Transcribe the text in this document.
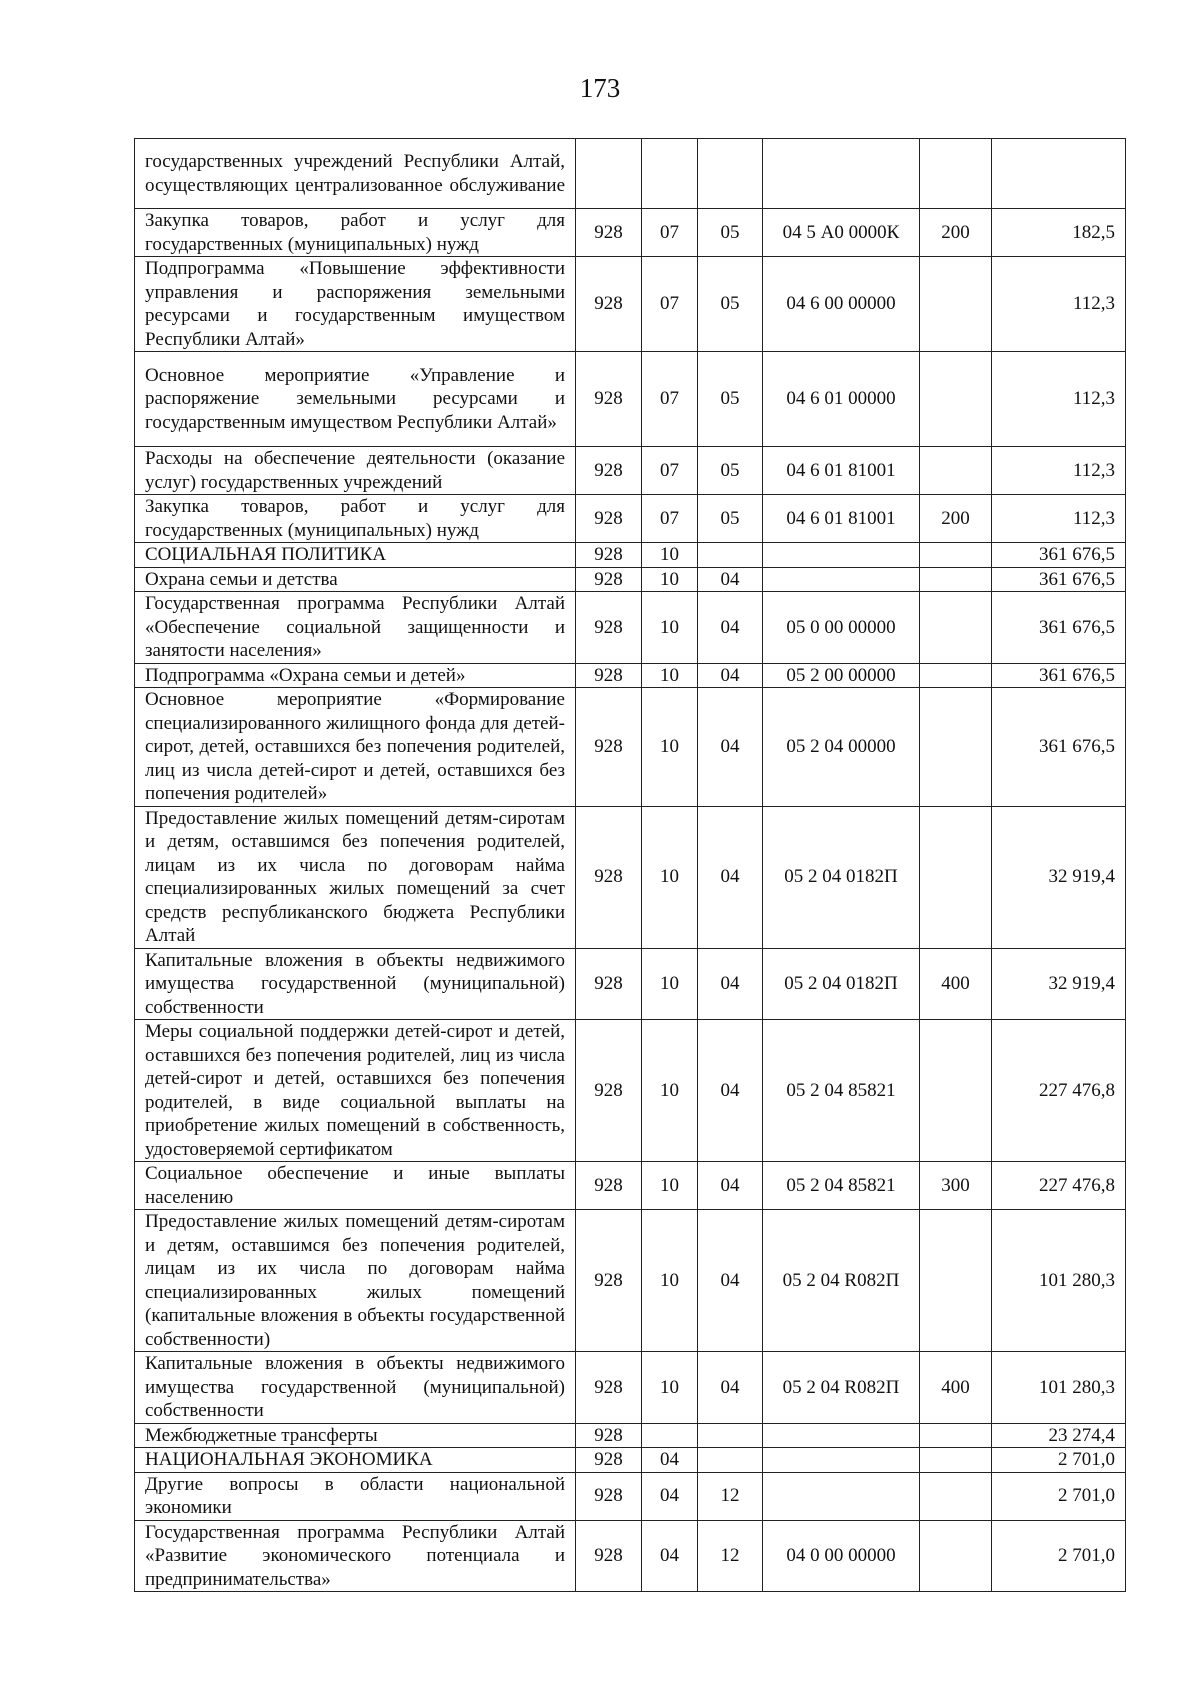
173
государственных учреждений Республики Алтай, осуществляющих централизованное обслуживание						
Закупка товаров, работ и услуг для государственных (муниципальных) нужд	928	07	05	04 5 А0 0000К	200	182,5
Подпрограмма «Повышение эффективности управления и распоряжения земельными ресурсами и государственным имуществом Республики Алтай»	928	07	05	04 6 00 00000		112,3
Основное мероприятие «Управление и распоряжение земельными ресурсами и государственным имуществом Республики Алтай»	928	07	05	04 6 01 00000		112,3
Расходы на обеспечение деятельности (оказание услуг) государственных учреждений	928	07	05	04 6 01 81001		112,3
Закупка товаров, работ и услуг для государственных (муниципальных) нужд	928	07	05	04 6 01 81001	200	112,3
СОЦИАЛЬНАЯ ПОЛИТИКА	928	10				361 676,5
Охрана семьи и детства	928	10	04			361 676,5
Государственная программа Республики Алтай «Обеспечение социальной защищенности и занятости населения»	928	10	04	05 0 00 00000		361 676,5
Подпрограмма «Охрана семьи и детей»	928	10	04	05 2 00 00000		361 676,5
Основное мероприятие «Формирование специализированного жилищного фонда для детей-сирот, детей, оставшихся без попечения родителей, лиц из числа детей-сирот и детей, оставшихся без попечения родителей»	928	10	04	05 2 04 00000		361 676,5
Предоставление жилых помещений детям-сиротам и детям, оставшимся без попечения родителей, лицам из их числа по договорам найма специализированных жилых помещений за счет средств республиканского бюджета Республики Алтай	928	10	04	05 2 04 0182П		32 919,4
Капитальные вложения в объекты недвижимого имущества государственной (муниципальной) собственности	928	10	04	05 2 04 0182П	400	32 919,4
Меры социальной поддержки детей-сирот и детей, оставшихся без попечения родителей, лиц из числа детей-сирот и детей, оставшихся без попечения родителей, в виде социальной выплаты на приобретение жилых помещений в собственность, удостоверяемой сертификатом	928	10	04	05 2 04 85821		227 476,8
Социальное обеспечение и иные выплаты населению	928	10	04	05 2 04 85821	300	227 476,8
Предоставление жилых помещений детям-сиротам и детям, оставшимся без попечения родителей, лицам из их числа по договорам найма специализированных жилых помещений (капитальные вложения в объекты государственной собственности)	928	10	04	05 2 04 R082П		101 280,3
Капитальные вложения в объекты недвижимого имущества государственной (муниципальной) собственности	928	10	04	05 2 04 R082П	400	101 280,3
Межбюджетные трансферты	928					23 274,4
НАЦИОНАЛЬНАЯ ЭКОНОМИКА	928	04				2 701,0
Другие вопросы в области национальной экономики	928	04	12			2 701,0
Государственная программа Республики Алтай «Развитие экономического потенциала и предпринимательства»	928	04	12	04 0 00 00000		2 701,0
